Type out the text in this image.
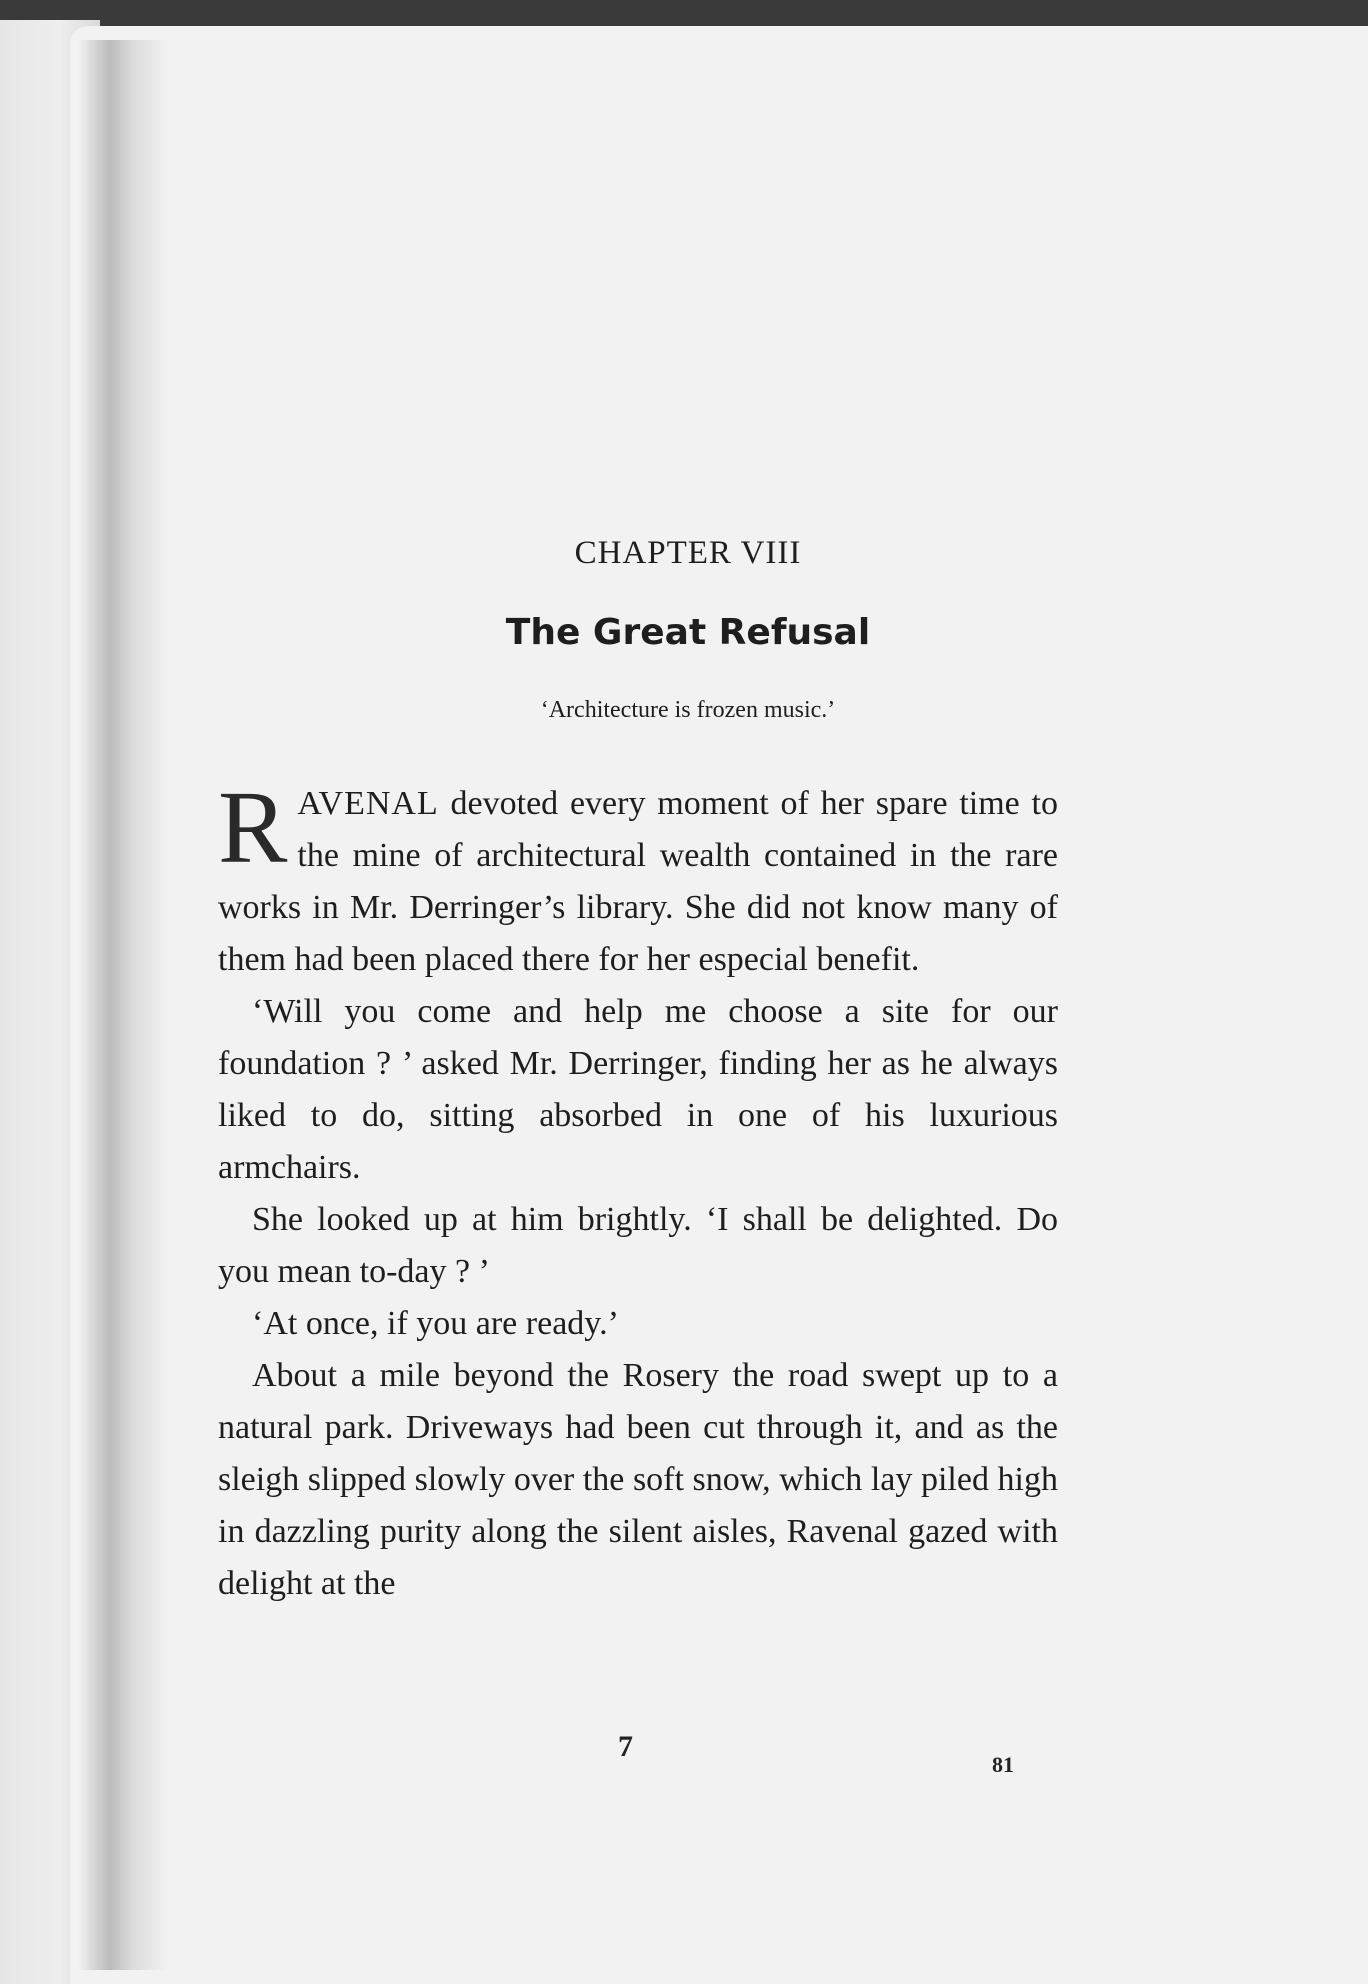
CHAPTER VIII
The Great Refusal
‘Architecture is frozen music.’

RAVENAL devoted every moment of her spare time to the mine of architectural wealth contained in the rare works in Mr. Derringer’s library. She did not know many of them had been placed there for her especial benefit.

‘Will you come and help me choose a site for our foundation ? ’ asked Mr. Derringer, finding her as he always liked to do, sitting absorbed in one of his luxurious armchairs.

She looked up at him brightly. ‘I shall be delighted. Do you mean to-day ? ’

‘At once, if you are ready.’

About a mile beyond the Rosery the road swept up to a natural park. Driveways had been cut through it, and as the sleigh slipped slowly over the soft snow, which lay piled high in dazzling purity along the silent aisles, Ravenal gazed with delight at the

7
81
